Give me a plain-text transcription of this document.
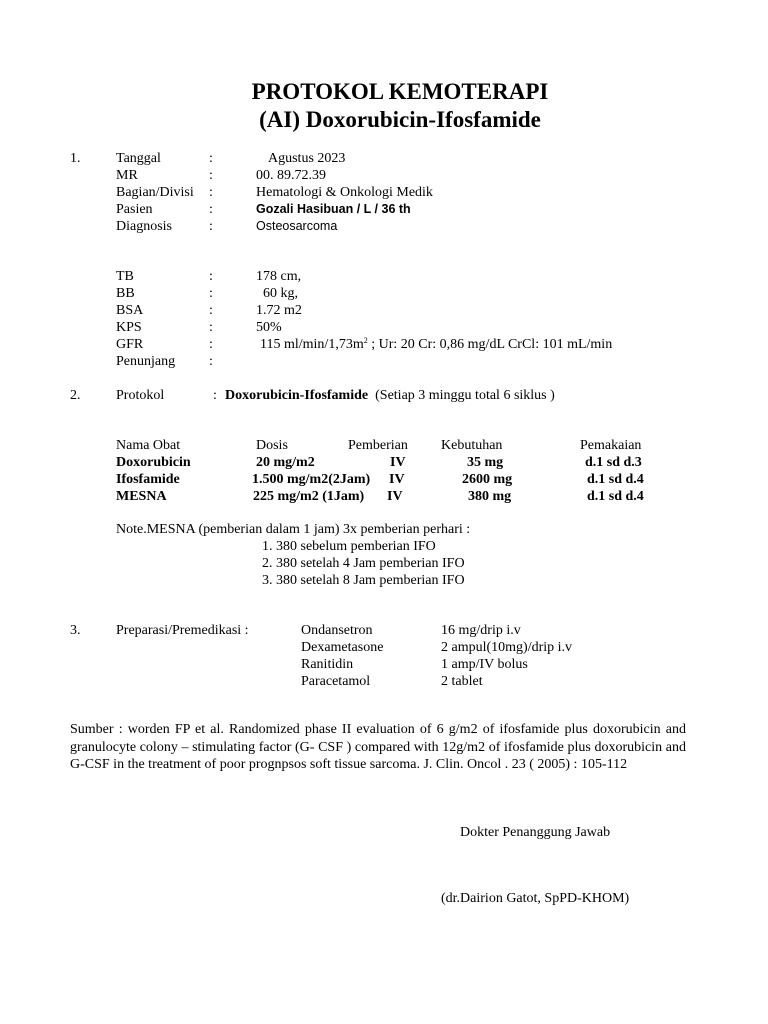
PROTOKOL KEMOTERAPI
(AI) Doxorubicin-Ifosfamide
1.	Tanggal	:	Agustus 2023
MR	:	00. 89.72.39
Bagian/Divisi :	Hematologi & Onkologi Medik
Pasien	:	Gozali Hasibuan / L / 36 th
Diagnosis	:	Osteosarcoma
TB	:	178 cm,
BB	:	60 kg,
BSA	:	1.72 m2
KPS	:	50%
GFR	:	115 $ml/\min/1,73m^2$ ; Ur: 20 Cr: 0,86 mg/dL CrCl: 101 mL/min
Penunjang :
2.	Protokol	: Doxorubicin-Ifosfamide (Setiap 3 minggu total 6 siklus )
Nama Obat	Dosis	Pemberian Kebutuhan	Pemakaian
Doxorubicin	20 mg/m2	IV	35 mg	d.1 sd d.3
Ifosfamide	1.500 mg/m2(2Jam) IV	2600 mg	d.1 sd d.4
MESNA	225 mg/m2 (1Jam) IV	380 mg	d.1 sd d.4
Note.MESNA (pemberian dalam 1 jam) 3x pemberian perhari :
1. 380 sebelum pemberian IFO
2. 380 setelah 4 Jam pemberian IFO
3. 380 setelah 8 Jam pemberian IFO
3.	Preparasi/Premedikasi :	Ondansetron	16 mg/drip i.v
Dexametasone	2 ampul(10mg)/drip i.v
Ranitidin	1 amp/IV bolus
Paracetamol	2 tablet
Sumber : worden FP et al. Randomized phase II evaluation of 6 g/m2 of ifosfamide plus doxorubicin and granulocyte colony – stimulating factor (G- CSF ) compared with 12g/m2 of ifosfamide plus doxorubicin and G-CSF in the treatment of poor prognpsos soft tissue sarcoma. J. Clin. Oncol . 23 ( 2005) : 105-112
Dokter Penanggung Jawab
(dr.Dairion Gatot, SpPD-KHOM)
